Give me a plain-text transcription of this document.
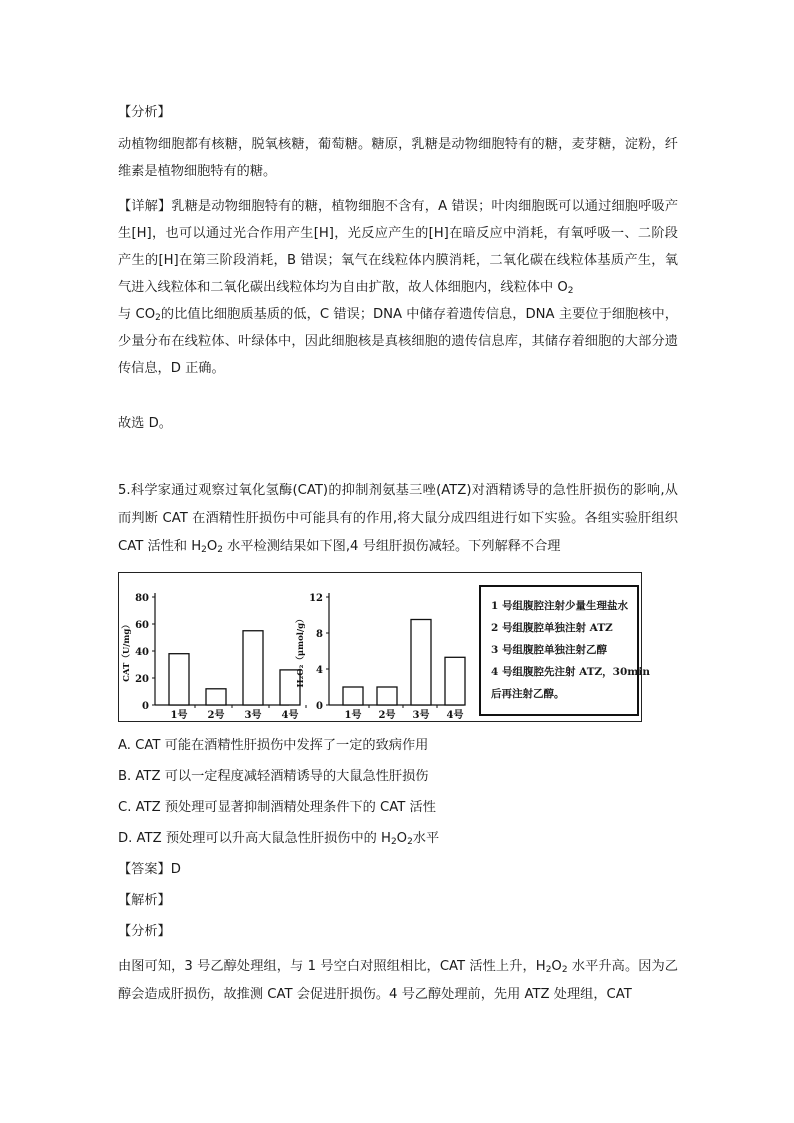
【分析】

动植物细胞都有核糖，脱氧核糖，葡萄糖。糖原，乳糖是动物细胞特有的糖，麦芽糖，淀粉，纤维素是植物细胞特有的糖。

【详解】乳糖是动物细胞特有的糖，植物细胞不含有，A 错误；叶肉细胞既可以通过细胞呼吸产生[H]，也可以通过光合作用产生[H]，光反应产生的[H]在暗反应中消耗，有氧呼吸一、二阶段产生的[H]在第三阶段消耗，B 错误；氧气在线粒体内膜消耗，二氧化碳在线粒体基质产生，氧气进入线粒体和二氧化碳出线粒体均为自由扩散，故人体细胞内，线粒体中 $O_2$
与 $CO_2$的比值比细胞质基质的低，C 错误；DNA 中储存着遗传信息，DNA 主要位于细胞核中，少量分布在线粒体、叶绿体中，因此细胞核是真核细胞的遗传信息库，其储存着细胞的大部分遗传信息，D 正确。

故选 D。

5.科学家通过观察过氧化氢酶(CAT)的抑制剂氨基三唑(ATZ)对酒精诱导的急性肝损伤的影响,从而判断 CAT 在酒精性肝损伤中可能具有的作用,将大鼠分成四组进行如下实验。各组实验肝组织 CAT 活性和 $H_2O_2$ 水平检测结果如下图,4 号组肝损伤减轻。下列解释不合理

0
20
40
60
80
CAT（U/mg）
1号 2号 3号 4号
0
4
8
12
H₂O₂（μmol/g）
1号 2号 3号 4号

1 号组腹腔注射少量生理盐水

2 号组腹腔单独注射 ATZ

3 号组腹腔单独注射乙醇

4 号组腹腔先注射 ATZ，30min

后再注射乙醇。

A. CAT 可能在酒精性肝损伤中发挥了一定的致病作用

B. ATZ 可以一定程度减轻酒精诱导的大鼠急性肝损伤

C. ATZ 预处理可显著抑制酒精处理条件下的 CAT 活性

D. ATZ 预处理可以升高大鼠急性肝损伤中的 $H_2O_2$水平

【答案】D

【解析】

【分析】

由图可知，3 号乙醇处理组，与 1 号空白对照组相比，CAT 活性上升，$H_2O_2$ 水平升高。因为乙醇会造成肝损伤，故推测 CAT 会促进肝损伤。4 号乙醇处理前，先用 ATZ 处理组，CAT
